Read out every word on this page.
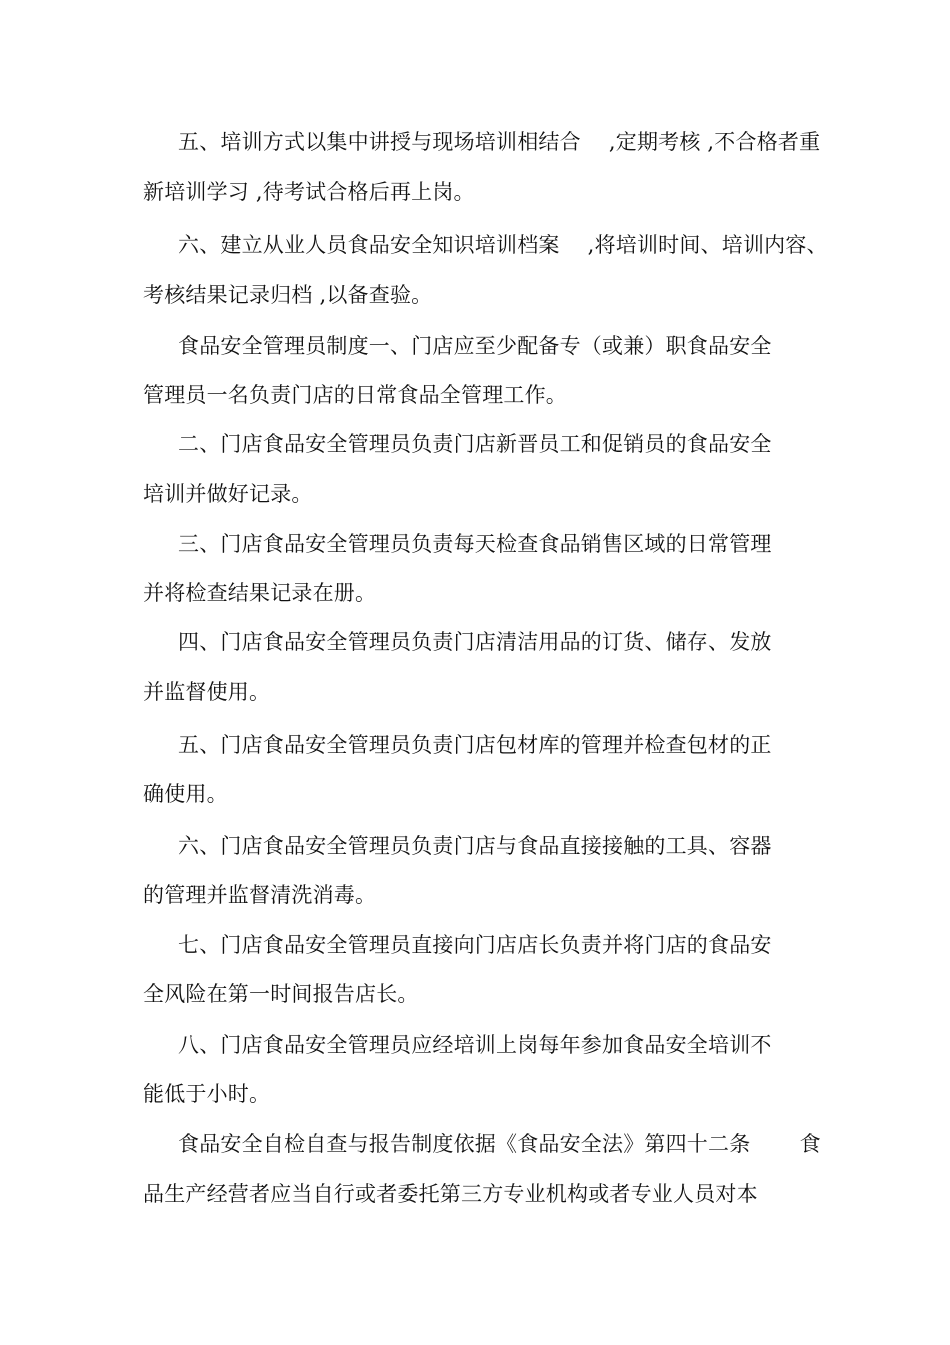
五、培训方式以集中讲授与现场培训相结合　 ,定期考核 ,不合格者重
新培训学习 ,待考试合格后再上岗。
六、建立从业人员食品安全知识培训档案　 ,将培训时间、培训内容、
考核结果记录归档 ,以备查验。
食品安全管理员制度一、门店应至少配备专（或兼）职食品安全
管理员一名负责门店的日常食品全管理工作。
二、门店食品安全管理员负责门店新晋员工和促销员的食品安全
培训并做好记录。
三、门店食品安全管理员负责每天检查食品销售区域的日常管理
并将检查结果记录在册。
四、门店食品安全管理员负责门店清洁用品的订货、储存、发放
并监督使用。
五、门店食品安全管理员负责门店包材库的管理并检查包材的正
确使用。
六、门店食品安全管理员负责门店与食品直接接触的工具、容器
的管理并监督清洗消毒。
七、门店食品安全管理员直接向门店店长负责并将门店的食品安
全风险在第一时间报告店长。
八、门店食品安全管理员应经培训上岗每年参加食品安全培训不
能低于小时。
食品安全自检自查与报告制度依据《食品安全法》第四十二条　　 食
品生产经营者应当自行或者委托第三方专业机构或者专业人员对本
